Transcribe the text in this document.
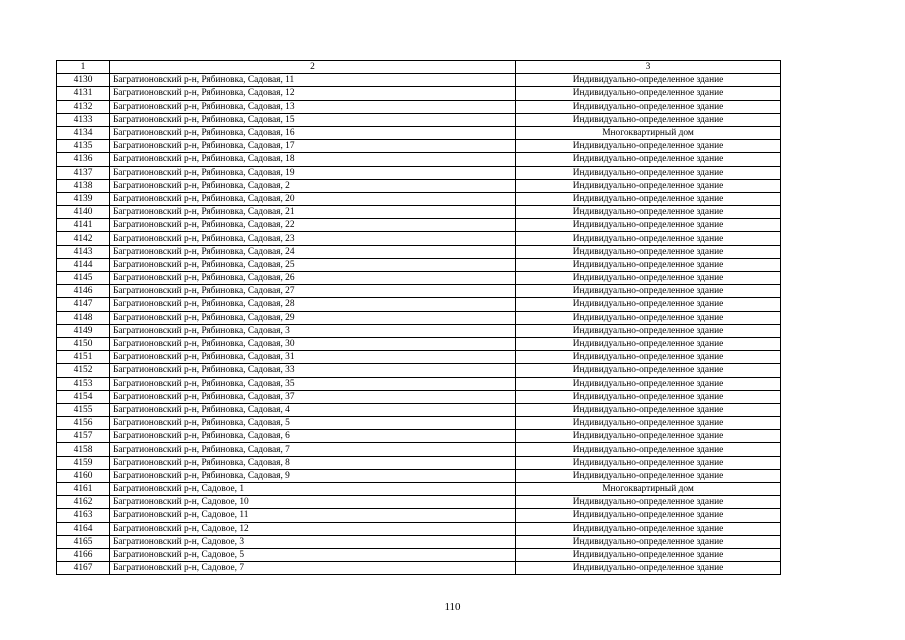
1	2	3
4130	Багратионовский р-н, Рябиновка, Садовая, 11	Индивидуально-определенное здание
4131	Багратионовский р-н, Рябиновка, Садовая, 12	Индивидуально-определенное здание
4132	Багратионовский р-н, Рябиновка, Садовая, 13	Индивидуально-определенное здание
4133	Багратионовский р-н, Рябиновка, Садовая, 15	Индивидуально-определенное здание
4134	Багратионовский р-н, Рябиновка, Садовая, 16	Многоквартирный дом
4135	Багратионовский р-н, Рябиновка, Садовая, 17	Индивидуально-определенное здание
4136	Багратионовский р-н, Рябиновка, Садовая, 18	Индивидуально-определенное здание
4137	Багратионовский р-н, Рябиновка, Садовая, 19	Индивидуально-определенное здание
4138	Багратионовский р-н, Рябиновка, Садовая, 2	Индивидуально-определенное здание
4139	Багратионовский р-н, Рябиновка, Садовая, 20	Индивидуально-определенное здание
4140	Багратионовский р-н, Рябиновка, Садовая, 21	Индивидуально-определенное здание
4141	Багратионовский р-н, Рябиновка, Садовая, 22	Индивидуально-определенное здание
4142	Багратионовский р-н, Рябиновка, Садовая, 23	Индивидуально-определенное здание
4143	Багратионовский р-н, Рябиновка, Садовая, 24	Индивидуально-определенное здание
4144	Багратионовский р-н, Рябиновка, Садовая, 25	Индивидуально-определенное здание
4145	Багратионовский р-н, Рябиновка, Садовая, 26	Индивидуально-определенное здание
4146	Багратионовский р-н, Рябиновка, Садовая, 27	Индивидуально-определенное здание
4147	Багратионовский р-н, Рябиновка, Садовая, 28	Индивидуально-определенное здание
4148	Багратионовский р-н, Рябиновка, Садовая, 29	Индивидуально-определенное здание
4149	Багратионовский р-н, Рябиновка, Садовая, 3	Индивидуально-определенное здание
4150	Багратионовский р-н, Рябиновка, Садовая, 30	Индивидуально-определенное здание
4151	Багратионовский р-н, Рябиновка, Садовая, 31	Индивидуально-определенное здание
4152	Багратионовский р-н, Рябиновка, Садовая, 33	Индивидуально-определенное здание
4153	Багратионовский р-н, Рябиновка, Садовая, 35	Индивидуально-определенное здание
4154	Багратионовский р-н, Рябиновка, Садовая, 37	Индивидуально-определенное здание
4155	Багратионовский р-н, Рябиновка, Садовая, 4	Индивидуально-определенное здание
4156	Багратионовский р-н, Рябиновка, Садовая, 5	Индивидуально-определенное здание
4157	Багратионовский р-н, Рябиновка, Садовая, 6	Индивидуально-определенное здание
4158	Багратионовский р-н, Рябиновка, Садовая, 7	Индивидуально-определенное здание
4159	Багратионовский р-н, Рябиновка, Садовая, 8	Индивидуально-определенное здание
4160	Багратионовский р-н, Рябиновка, Садовая, 9	Индивидуально-определенное здание
4161	Багратионовский р-н, Садовое, 1	Многоквартирный дом
4162	Багратионовский р-н, Садовое, 10	Индивидуально-определенное здание
4163	Багратионовский р-н, Садовое, 11	Индивидуально-определенное здание
4164	Багратионовский р-н, Садовое, 12	Индивидуально-определенное здание
4165	Багратионовский р-н, Садовое, 3	Индивидуально-определенное здание
4166	Багратионовский р-н, Садовое, 5	Индивидуально-определенное здание
4167	Багратионовский р-н, Садовое, 7	Индивидуально-определенное здание
110
